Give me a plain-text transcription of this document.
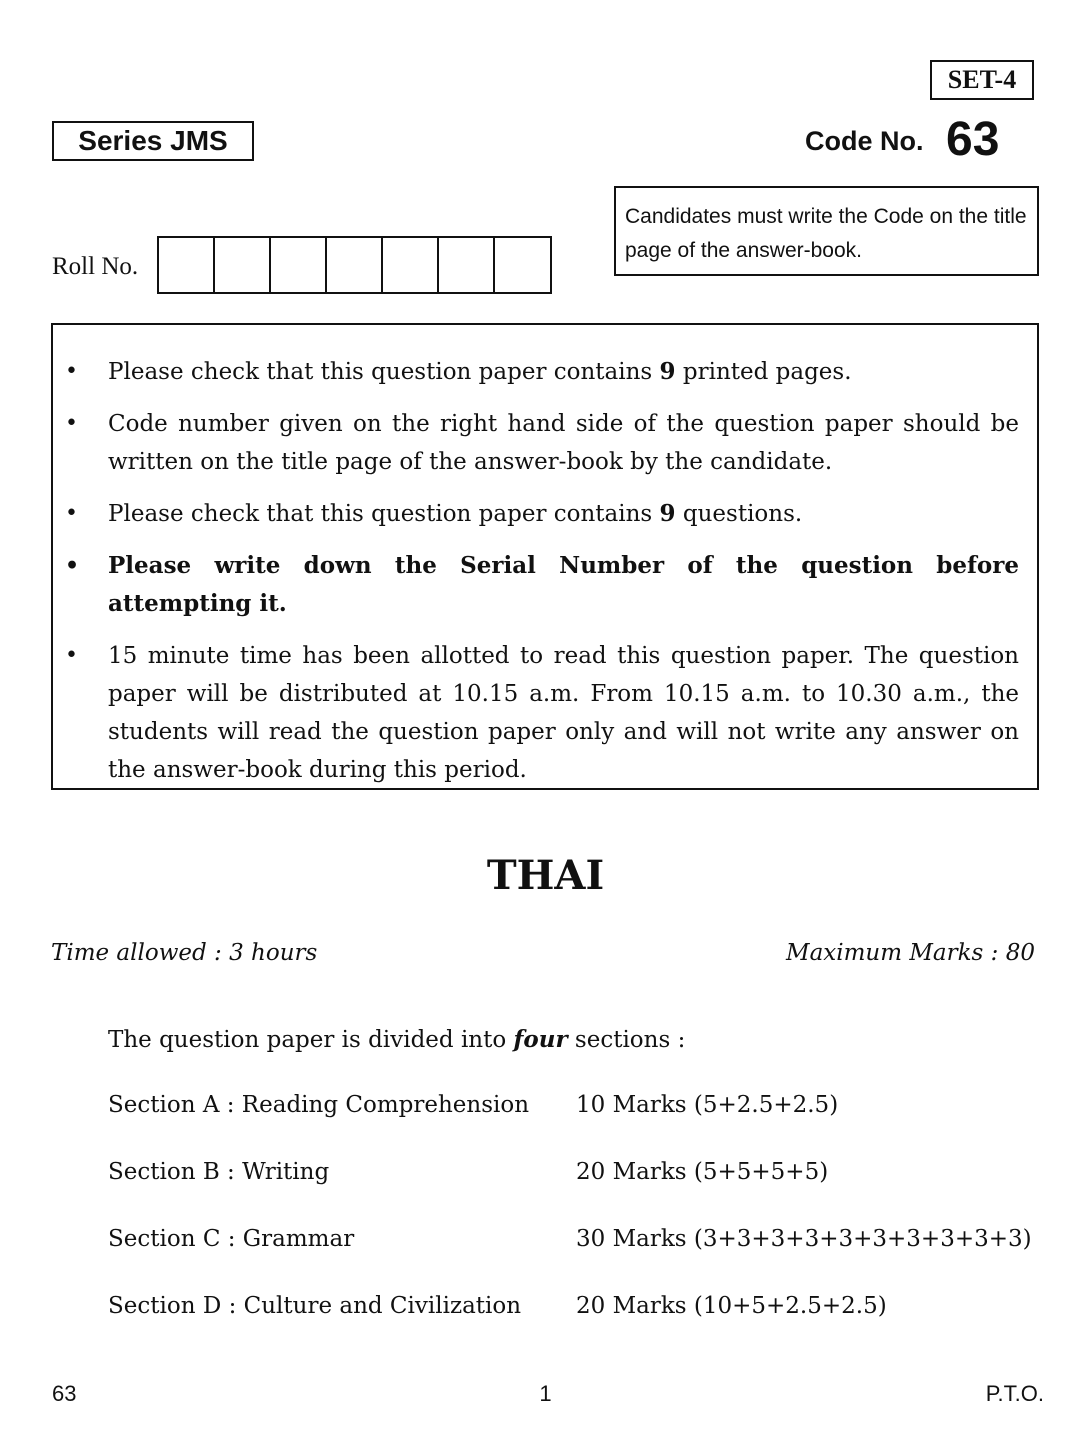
SET-4
Series JMS	Code No. 63
Candidates must write the Code on the title page of the answer-book.
Roll No.
• Please check that this question paper contains 9 printed pages.
• Code number given on the right hand side of the question paper should be written on the title page of the answer-book by the candidate.
• Please check that this question paper contains 9 questions.
• Please write down the Serial Number of the question before attempting it.
• 15 minute time has been allotted to read this question paper. The question paper will be distributed at 10.15 a.m. From 10.15 a.m. to 10.30 a.m., the students will read the question paper only and will not write any answer on the answer-book during this period.
THAI
Time allowed : 3 hours	Maximum Marks : 80
The question paper is divided into four sections :
Section A : Reading Comprehension 10 Marks (5+2.5+2.5)
Section B : Writing	20 Marks (5+5+5+5)
Section C : Grammar	30 Marks (3+3+3+3+3+3+3+3+3+3)
Section D : Culture and Civilization 20 Marks (10+5+2.5+2.5)
63	1	P.T.O.
